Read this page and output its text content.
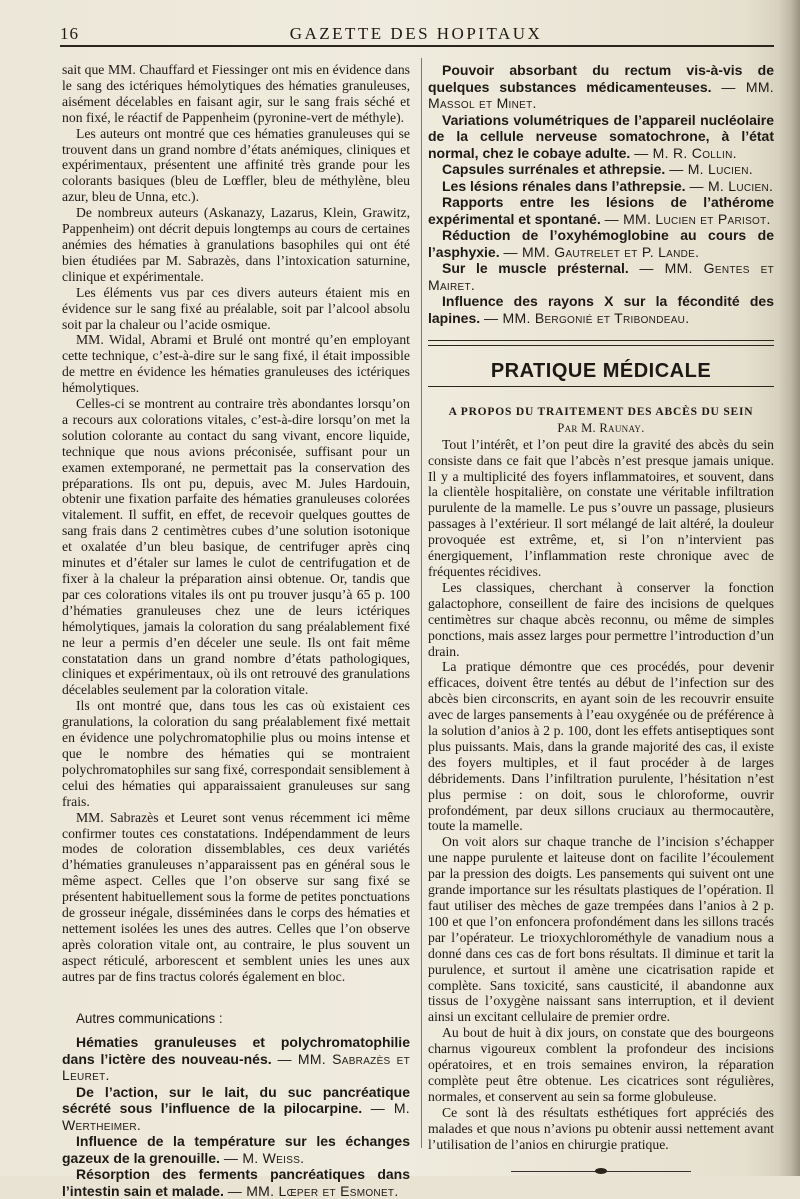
16	GAZETTE DES HOPITAUX

sait que MM. Chauffard et Fiessinger ont mis en évidence dans le sang des ictériques hémolytiques des hématies granuleuses, aisément décelables en faisant agir, sur le sang frais séché et non fixé, le réactif de Pappenheim (pyronine-vert de méthyle).

Les auteurs ont montré que ces hématies granuleuses qui se trouvent dans un grand nombre d’états anémiques, cliniques et expérimentaux, présentent une affinité très grande pour les colorants basiques (bleu de Lœffler, bleu de méthylène, bleu azur, bleu de Unna, etc.).

De nombreux auteurs (Askanazy, Lazarus, Klein, Grawitz, Pappenheim) ont décrit depuis longtemps au cours de certaines anémies des hématies à granulations basophiles qui ont été bien étudiées par M. Sabrazès, dans l’intoxication saturnine, clinique et expérimentale.

Les éléments vus par ces divers auteurs étaient mis en évidence sur le sang fixé au préalable, soit par l’alcool absolu soit par la chaleur ou l’acide osmique.

MM. Widal, Abrami et Brulé ont montré qu’en employant cette technique, c’est-à-dire sur le sang fixé, il était impossible de mettre en évidence les hématies granuleuses des ictériques hémolytiques.

Celles-ci se montrent au contraire très abondantes lorsqu’on a recours aux colorations vitales, c’est-à-dire lorsqu’on met la solution colorante au contact du sang vivant, encore liquide, technique que nous avions préconisée, suffisant pour un examen extemporané, ne permettait pas la conservation des préparations. Ils ont pu, depuis, avec M. Jules Hardouin, obtenir une fixation parfaite des hématies granuleuses colorées vitalement. Il suffit, en effet, de recevoir quelques gouttes de sang frais dans 2 centimètres cubes d’une solution isotonique et oxalatée d’un bleu basique, de centrifuger après cinq minutes et d’étaler sur lames le culot de centrifugation et de fixer à la chaleur la préparation ainsi obtenue. Or, tandis que par ces colorations vitales ils ont pu trouver jusqu’à 65 p. 100 d’hématies granuleuses chez une de leurs ictériques hémolytiques, jamais la coloration du sang préalablement fixé ne leur a permis d’en déceler une seule. Ils ont fait même constatation dans un grand nombre d’états pathologiques, cliniques et expérimentaux, où ils ont retrouvé des granulations décelables seulement par la coloration vitale.

Ils ont montré que, dans tous les cas où existaient ces granulations, la coloration du sang préalablement fixé mettait en évidence une polychromatophilie plus ou moins intense et que le nombre des hématies qui se montraient polychromatophiles sur sang fixé, correspondait sensiblement à celui des hématies qui apparaissaient granuleuses sur sang frais.

MM. Sabrazès et Leuret sont venus récemment ici même confirmer toutes ces constatations. Indépendamment de leurs modes de coloration dissemblables, ces deux variétés d’hématies granuleuses n’apparaissent pas en général sous le même aspect. Celles que l’on observe sur sang fixé se présentent habituellement sous la forme de petites ponctuations de grosseur inégale, disséminées dans le corps des hématies et nettement isolées les unes des autres. Celles que l’on observe après coloration vitale ont, au contraire, le plus souvent un aspect réticulé, arborescent et semblent unies les unes aux autres par de fins tractus colorés également en bloc.

Autres communications :

Hématies granuleuses et polychromatophilie dans l’ictère des nouveau-nés. — MM. Sabrazès et Leuret.

De l’action, sur le lait, du suc pancréatique sécrété sous l’influence de la pilocarpine. — M. Wertheimer.

Influence de la température sur les échanges gazeux de la grenouille. — M. Weiss.

Résorption des ferments pancréatiques dans l’intestin sain et malade. — MM. Lœper et Esmonet.

Pouvoir absorbant du rectum vis-à-vis de quelques substances médicamenteuses. — MM. Massol et Minet.

Variations volumétriques de l’appareil nucléolaire de la cellule nerveuse somatochrone, à l’état normal, chez le cobaye adulte. — M. R. Collin.

Capsules surrénales et athrepsie. — M. Lucien.

Les lésions rénales dans l’athrepsie. — M. Lucien.

Rapports entre les lésions de l’athérome expérimental et spontané. — MM. Lucien et Parisot.

Réduction de l’oxyhémoglobine au cours de l’asphyxie. — MM. Gautrelet et P. Lande.

Sur le muscle présternal. — MM. Gentes et Mairet.

Influence des rayons X sur la fécondité des lapines. — MM. Bergonié et Tribondeau.

PRATIQUE MÉDICALE

A PROPOS DU TRAITEMENT DES ABCÈS DU SEIN

Par M. Raunay.

Tout l’intérêt, et l’on peut dire la gravité des abcès du sein consiste dans ce fait que l’abcès n’est presque jamais unique. Il y a multiplicité des foyers inflammatoires, et souvent, dans la clientèle hospitalière, on constate une véritable infiltration purulente de la mamelle. Le pus s’ouvre un passage, plusieurs passages à l’extérieur. Il sort mélangé de lait altéré, la douleur provoquée est extrême, et, si l’on n’intervient pas énergiquement, l’inflammation reste chronique avec de fréquentes récidives.

Les classiques, cherchant à conserver la fonction galactophore, conseillent de faire des incisions de quelques centimètres sur chaque abcès reconnu, ou même de simples ponctions, mais assez larges pour permettre l’introduction d’un drain.

La pratique démontre que ces procédés, pour devenir efficaces, doivent être tentés au début de l’infection sur des abcès bien circonscrits, en ayant soin de les recouvrir ensuite avec de larges pansements à l’eau oxygénée ou de préférence à la solution d’anios à 2 p. 100, dont les effets antiseptiques sont plus puissants. Mais, dans la grande majorité des cas, il existe des foyers multiples, et il faut procéder à de larges débridements. Dans l’infiltration purulente, l’hésitation n’est plus permise : on doit, sous le chloroforme, ouvrir profondément, par deux sillons cruciaux au thermocautère, toute la mamelle.

On voit alors sur chaque tranche de l’incision s’échapper une nappe purulente et laiteuse dont on facilite l’écoulement par la pression des doigts. Les pansements qui suivent ont une grande importance sur les résultats plastiques de l’opération. Il faut utiliser des mèches de gaze trempées dans l’anios à 2 p. 100 et que l’on enfoncera profondément dans les sillons tracés par l’opérateur. Le trioxychlorométhyle de vanadium nous a donné dans ces cas de fort bons résultats. Il diminue et tarit la purulence, et surtout il amène une cicatrisation rapide et complète. Sans toxicité, sans causticité, il abandonne aux tissus de l’oxygène naissant sans interruption, et il devient ainsi un excitant cellulaire de premier ordre.

Au bout de huit à dix jours, on constate que des bourgeons charnus vigoureux comblent la profondeur des incisions opératoires, et en trois semaines environ, la réparation complète peut être obtenue. Les cicatrices sont régulières, normales, et conservent au sein sa forme globuleuse.

Ce sont là des résultats esthétiques fort appréciés des malades et que nous n’avions pu obtenir aussi nettement avant l’utilisation de l’anios en chirurgie pratique.
